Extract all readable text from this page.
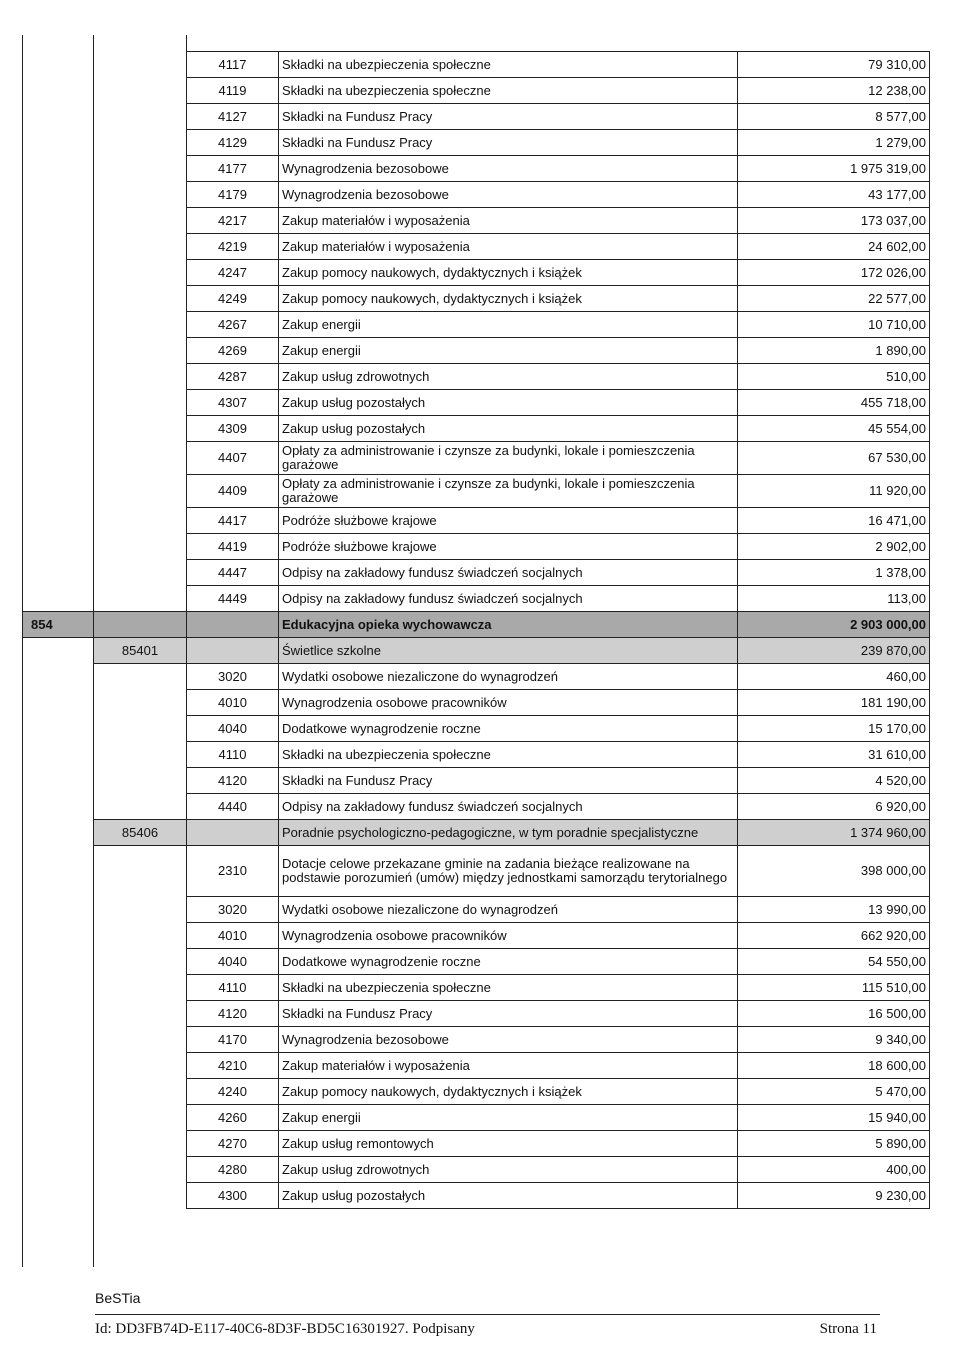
		4117	Składki na ubezpieczenia społeczne	79 310,00
		4119	Składki na ubezpieczenia społeczne	12 238,00
		4127	Składki na Fundusz Pracy	8 577,00
		4129	Składki na Fundusz Pracy	1 279,00
		4177	Wynagrodzenia bezosobowe	1 975 319,00
		4179	Wynagrodzenia bezosobowe	43 177,00
		4217	Zakup materiałów i wyposażenia	173 037,00
		4219	Zakup materiałów i wyposażenia	24 602,00
		4247	Zakup pomocy naukowych, dydaktycznych i książek	172 026,00
		4249	Zakup pomocy naukowych, dydaktycznych i książek	22 577,00
		4267	Zakup energii	10 710,00
		4269	Zakup energii	1 890,00
		4287	Zakup usług zdrowotnych	510,00
		4307	Zakup usług pozostałych	455 718,00
		4309	Zakup usług pozostałych	45 554,00
		4407	Opłaty za administrowanie i czynsze za budynki, lokale i pomieszczenia garażowe	67 530,00
		4409	Opłaty za administrowanie i czynsze za budynki, lokale i pomieszczenia garażowe	11 920,00
		4417	Podróże służbowe krajowe	16 471,00
		4419	Podróże służbowe krajowe	2 902,00
		4447	Odpisy na zakładowy fundusz świadczeń socjalnych	1 378,00
		4449	Odpisy na zakładowy fundusz świadczeń socjalnych	113,00
854			Edukacyjna opieka wychowawcza	2 903 000,00
	85401		Świetlice szkolne	239 870,00
		3020	Wydatki osobowe niezaliczone do wynagrodzeń	460,00
		4010	Wynagrodzenia osobowe pracowników	181 190,00
		4040	Dodatkowe wynagrodzenie roczne	15 170,00
		4110	Składki na ubezpieczenia społeczne	31 610,00
		4120	Składki na Fundusz Pracy	4 520,00
		4440	Odpisy na zakładowy fundusz świadczeń socjalnych	6 920,00
	85406		Poradnie psychologiczno-pedagogiczne, w tym poradnie specjalistyczne	1 374 960,00
		2310	Dotacje celowe przekazane gminie na zadania bieżące realizowane na podstawie porozumień (umów) między jednostkami samorządu terytorialnego	398 000,00
		3020	Wydatki osobowe niezaliczone do wynagrodzeń	13 990,00
		4010	Wynagrodzenia osobowe pracowników	662 920,00
		4040	Dodatkowe wynagrodzenie roczne	54 550,00
		4110	Składki na ubezpieczenia społeczne	115 510,00
		4120	Składki na Fundusz Pracy	16 500,00
		4170	Wynagrodzenia bezosobowe	9 340,00
		4210	Zakup materiałów i wyposażenia	18 600,00
		4240	Zakup pomocy naukowych, dydaktycznych i książek	5 470,00
		4260	Zakup energii	15 940,00
		4270	Zakup usług remontowych	5 890,00
		4280	Zakup usług zdrowotnych	400,00
		4300	Zakup usług pozostałych	9 230,00
BeSTia
Id: DD3FB74D-E117-40C6-8D3F-BD5C16301927. Podpisany	Strona 11
